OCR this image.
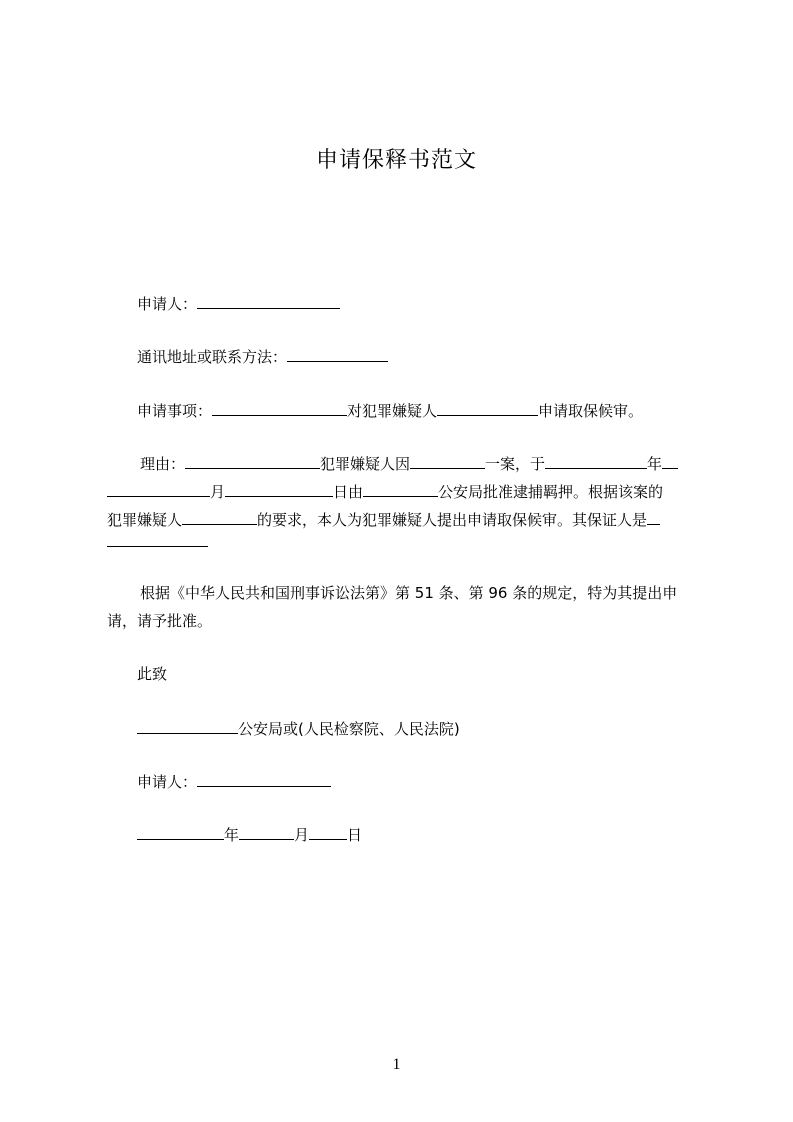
申请保释书范文
申请人：
通讯地址或联系方法：
申请事项：	对犯罪嫌疑人	申请取保候审。
理由：	犯罪嫌疑人因	一案，于	年
月	日由	公安局批准逮捕羁押。根据该案的
犯罪嫌疑人	的要求，本人为犯罪嫌疑人提出申请取保候审。其保证人是
根据《中华人民共和国刑事诉讼法第》第 51 条、第 96 条的规定，特为其提出申
请，请予批准。
此致
公安局或(人民检察院、人民法院)
申请人：
年	月	日
1
